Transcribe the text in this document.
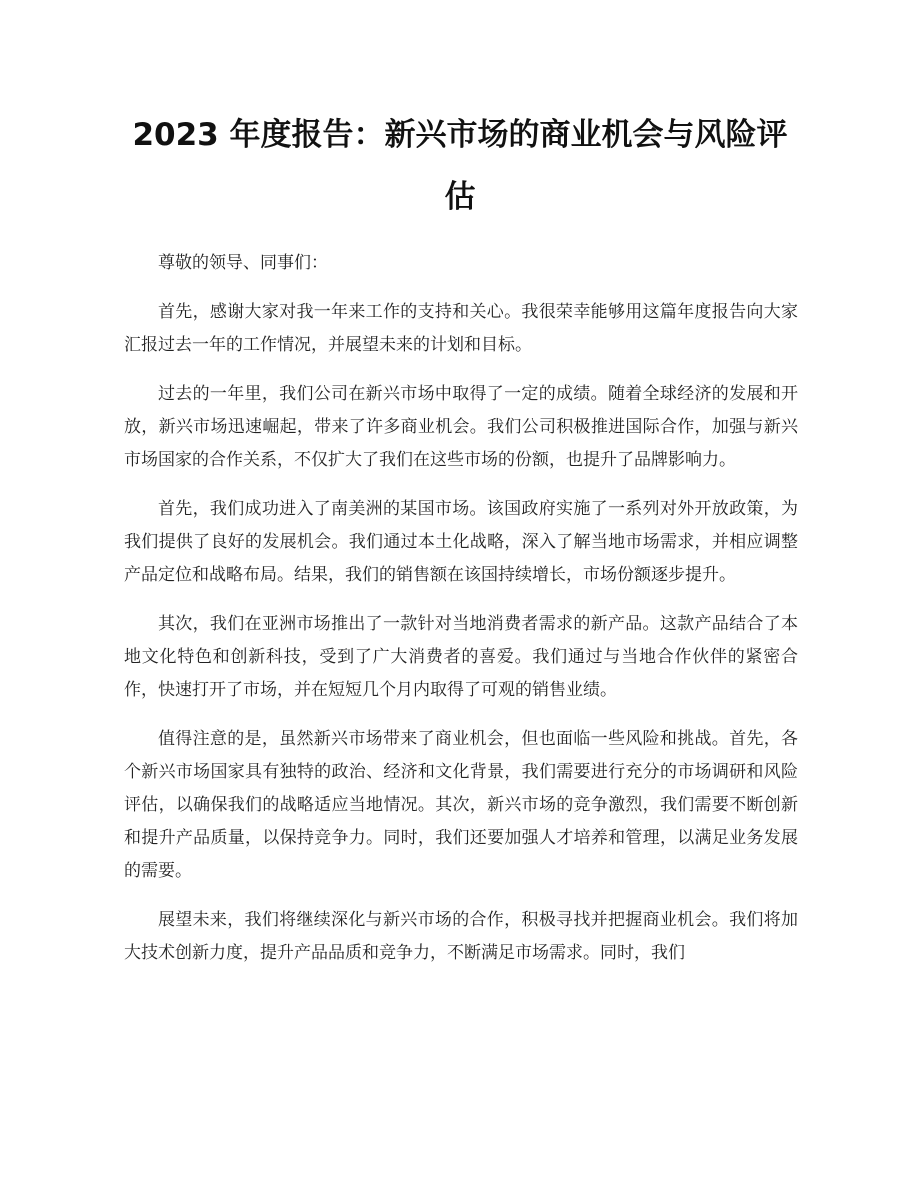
2023 年度报告：新兴市场的商业机会与风险评估

尊敬的领导、同事们：

首先，感谢大家对我一年来工作的支持和关心。我很荣幸能够用这篇年度报告向大家汇报过去一年的工作情况，并展望未来的计划和目标。

过去的一年里，我们公司在新兴市场中取得了一定的成绩。随着全球经济的发展和开放，新兴市场迅速崛起，带来了许多商业机会。我们公司积极推进国际合作，加强与新兴市场国家的合作关系，不仅扩大了我们在这些市场的份额，也提升了品牌影响力。

首先，我们成功进入了南美洲的某国市场。该国政府实施了一系列对外开放政策，为我们提供了良好的发展机会。我们通过本土化战略，深入了解当地市场需求，并相应调整产品定位和战略布局。结果，我们的销售额在该国持续增长，市场份额逐步提升。

其次，我们在亚洲市场推出了一款针对当地消费者需求的新产品。这款产品结合了本地文化特色和创新科技，受到了广大消费者的喜爱。我们通过与当地合作伙伴的紧密合作，快速打开了市场，并在短短几个月内取得了可观的销售业绩。

值得注意的是，虽然新兴市场带来了商业机会，但也面临一些风险和挑战。首先，各个新兴市场国家具有独特的政治、经济和文化背景，我们需要进行充分的市场调研和风险评估，以确保我们的战略适应当地情况。其次，新兴市场的竞争激烈，我们需要不断创新和提升产品质量，以保持竞争力。同时，我们还要加强人才培养和管理，以满足业务发展的需要。

展望未来，我们将继续深化与新兴市场的合作，积极寻找并把握商业机会。我们将加大技术创新力度，提升产品品质和竞争力，不断满足市场需求。同时，我们
